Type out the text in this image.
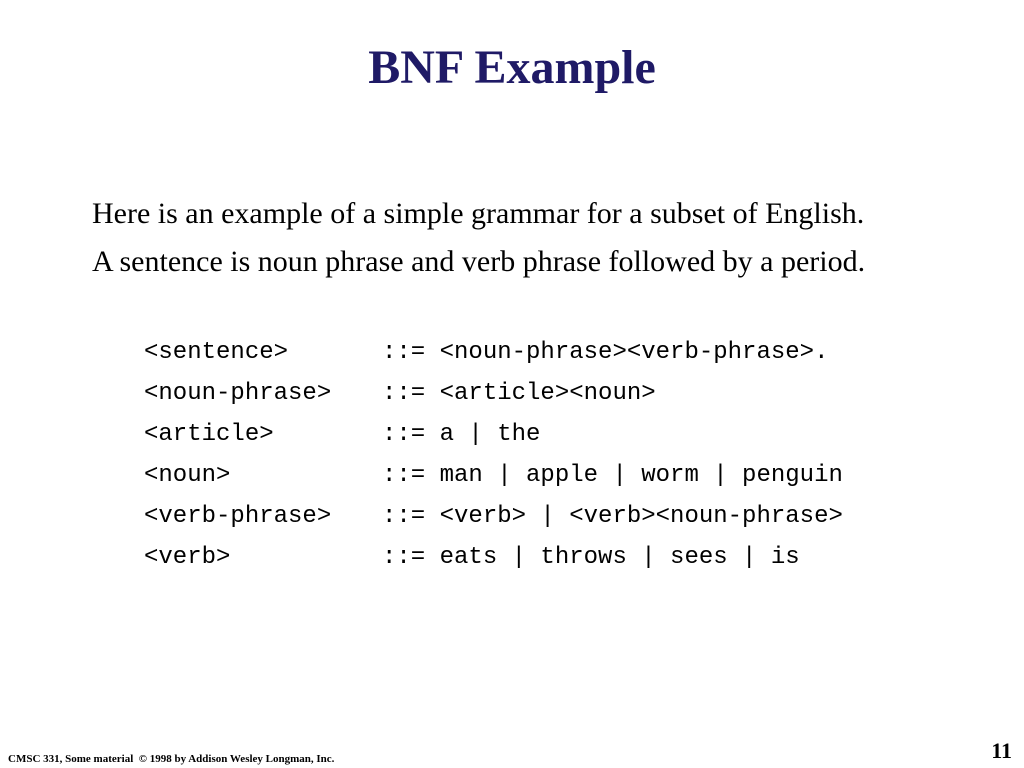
BNF Example

Here is an example of a simple grammar for a subset of English.

A sentence is noun phrase and verb phrase followed by a period.

<sentence>	::= <noun-phrase><verb-phrase>.
<noun-phrase>	::= <article><noun>
<article>	::= a | the
<noun>	::= man | apple | worm | penguin
<verb-phrase>	::= <verb> | <verb><noun-phrase>
<verb>	::= eats | throws | sees | is
CMSC 331, Some material  © 1998 by Addison Wesley Longman, Inc.	11
